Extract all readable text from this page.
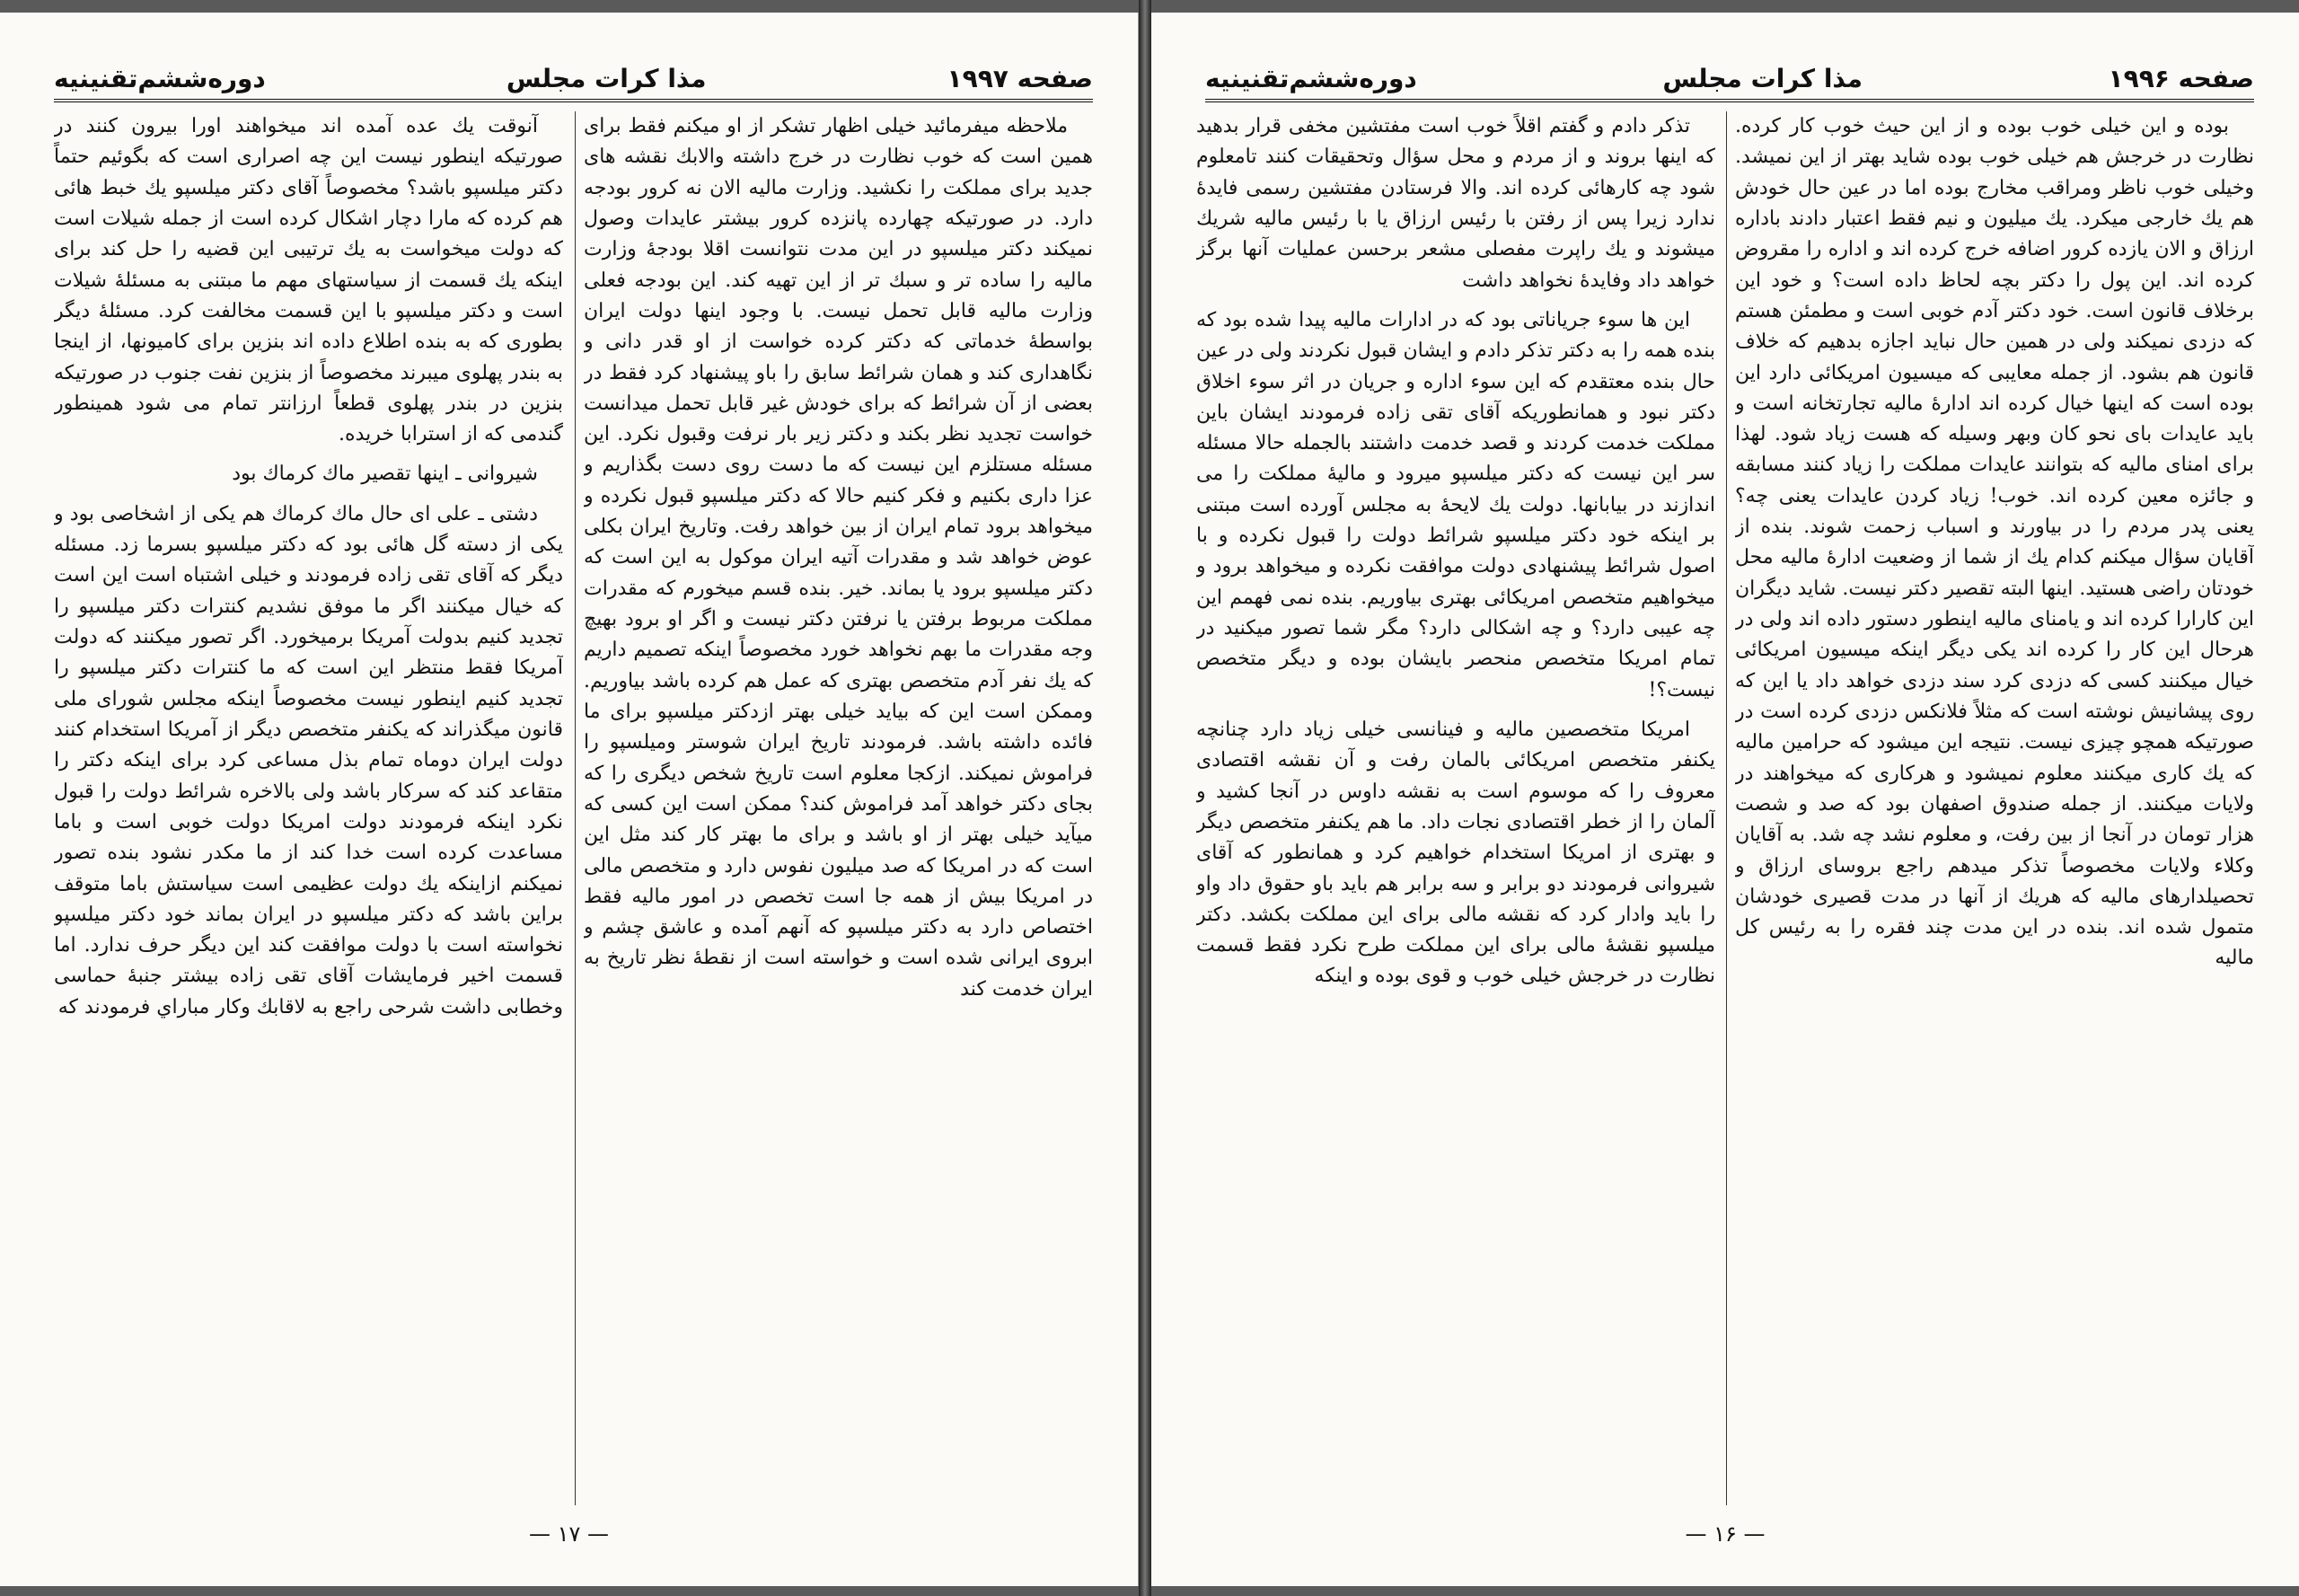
دوره‌ششم‌تقنینیه	مذا کرات مجلس	صفحه ۱۹۹۷

ملاحظه میفرمائید خیلی اظهار تشکر از او میکنم فقط برای همین است که خوب نظارت در خرج داشته والابك نقشه های جدید برای مملکت را نکشید. وزارت مالیه الان نه کرور بودجه دارد. در صورتیکه چهارده پانزده کرور بیشتر عایدات وصول نمیکند دکتر میلسپو در این مدت نتوانست اقلا بودجهٔ وزارت مالیه را ساده تر و سبك تر از این تهیه کند. این بودجه فعلی وزارت مالیه قابل تحمل نیست. با وجود اینها دولت ایران بواسطهٔ خدماتی که دکتر کرده خواست از او قدر دانی و نگاهداری کند و همان شرائط سابق را باو پیشنهاد کرد فقط در بعضی از آن شرائط که برای خودش غیر قابل تحمل میدانست خواست تجدید نظر بکند و دکتر زیر بار نرفت وقبول نکرد. این مسئله مستلزم این نیست که ما دست روی دست بگذاریم و عزا داری بکنیم و فکر کنیم حالا که دکتر میلسپو قبول نکرده و میخواهد برود تمام ایران از بین خواهد رفت. وتاریخ ایران بکلی عوض خواهد شد و مقدرات آتیه ایران موکول به این است که دکتر میلسپو برود یا بماند. خیر. بنده قسم میخورم که مقدرات مملکت مربوط برفتن یا نرفتن دکتر نیست و اگر او برود بهیچ وجه مقدرات ما بهم نخواهد خورد مخصوصاً اینکه تصمیم داریم که یك نفر آدم متخصص بهتری که عمل هم کرده باشد بیاوریم. وممکن است این که بیاید خیلی بهتر ازدکتر میلسپو برای ما فائده داشته باشد. فرمودند تاریخ ایران شوستر ومیلسپو را فراموش نمیکند. ازکجا معلوم است تاریخ شخص دیگری را که بجای دکتر خواهد آمد فراموش کند؟ ممکن است این کسی که میآید خیلی بهتر از او باشد و برای ما بهتر کار کند مثل این است که در امریکا که صد میلیون نفوس دارد و متخصص مالی در امریکا بیش از همه جا است تخصص در امور مالیه فقط اختصاص دارد به دکتر میلسپو که آنهم آمده و عاشق چشم و ابروی ایرانی شده است و خواسته است از نقطهٔ نظر تاریخ به ایران خدمت کند

آنوقت یك عده آمده اند میخواهند اورا بیرون کنند در صورتیکه اینطور نیست این چه اصراری است که بگوئیم حتماً دکتر میلسپو باشد؟ مخصوصاً آقای دکتر میلسپو یك خبط هائی هم کرده که مارا دچار اشکال کرده است از جمله شیلات است که دولت میخواست به یك ترتیبی این قضیه را حل کند برای اینکه یك قسمت از سیاستهای مهم ما مبتنی به مسئلهٔ شیلات است و دکتر میلسپو با این قسمت مخالفت کرد. مسئلهٔ دیگر بطوری که به بنده اطلاع داده اند بنزین برای کامیونها، از اینجا به بندر پهلوی میبرند مخصوصاً از بنزین نفت جنوب در صورتیکه بنزین در بندر پهلوی قطعاً ارزانتر تمام می شود همینطور گندمی که از استرابا خریده.

شیروانی ـ اینها تقصیر ماك کرماك بود

دشتی ـ علی ای حال ماك کرماك هم یکی از اشخاصی بود و یکی از دسته گل هائی بود که دکتر میلسپو بسرما زد. مسئله دیگر که آقای تقی زاده فرمودند و خیلی اشتباه است این است که خیال میکنند اگر ما موفق نشدیم کنترات دکتر میلسپو را تجدید کنیم بدولت آمریکا برمیخورد. اگر تصور میکنند که دولت آمریکا فقط منتظر این است که ما کنترات دکتر میلسپو را تجدید کنیم اینطور نیست مخصوصاً اینکه مجلس شورای ملی قانون میگذراند که یکنفر متخصص دیگر از آمریکا استخدام کنند دولت ایران دوماه تمام بذل مساعی کرد برای اینکه دکتر را متقاعد کند که سرکار باشد ولی بالاخره شرائط دولت را قبول نکرد اینکه فرمودند دولت امریکا دولت خوبی است و باما مساعدت کرده است خدا کند از ما مکدر نشود بنده تصور نمیکنم ازاینکه یك دولت عظیمی است سیاستش باما متوقف براین باشد که دکتر میلسپو در ایران بماند خود دکتر میلسپو نخواسته است با دولت موافقت کند این دیگر حرف ندارد. اما قسمت اخیر فرمایشات آقای تقی زاده بیشتر جنبهٔ حماسی وخطابی داشت شرحی راجع به لاقابك وكار مباراي فرمودند كه

— ۱۷ —
دوره‌ششم‌تقنینیه	مذا کرات مجلس	صفحه ۱۹۹۶

بوده و این خیلی خوب بوده و از این حیث خوب کار کرده. نظارت در خرجش هم خیلی خوب بوده شاید بهتر از این نمیشد. وخیلی خوب ناظر ومراقب مخارج بوده اما در عین حال خودش هم یك خارجی میکرد. یك میلیون و نیم فقط اعتبار دادند باداره ارزاق و الان یازده کرور اضافه خرج کرده اند و اداره را مقروض کرده اند. این پول را دکتر بچه لحاظ داده است؟ و خود این برخلاف قانون است. خود دکتر آدم خوبی است و مطمئن هستم که دزدی نمیکند ولی در همین حال نباید اجازه بدهیم که خلاف قانون هم بشود. از جمله معایبی که میسیون امریکائی دارد این بوده است که اینها خیال کرده اند ادارهٔ مالیه تجارتخانه است و باید عایدات بای نحو کان وبهر وسیله که هست زیاد شود. لهذا برای امنای مالیه که بتوانند عایدات مملکت را زیاد کنند مسابقه و جائزه معین کرده اند. خوب! زیاد کردن عایدات یعنی چه؟ یعنی پدر مردم را در بیاورند و اسباب زحمت شوند. بنده از آقایان سؤال میکنم کدام یك از شما از وضعیت ادارهٔ مالیه محل خودتان راضی هستید. اینها البته تقصیر دکتر نیست. شاید دیگران این کارارا کرده اند و یامنای مالیه اینطور دستور داده اند ولی در هرحال این کار را کرده اند یکی دیگر اینکه میسیون امریکائی خیال میکنند کسی که دزدی کرد سند دزدی خواهد داد یا این که روی پیشانیش نوشته است که مثلاً فلانکس دزدی کرده است در صورتیکه همچو چیزی نیست. نتیجه این میشود که حرامین مالیه که یك کاری میکنند معلوم نمیشود و هرکاری که میخواهند در ولایات میکنند. از جمله صندوق اصفهان بود که صد و شصت هزار تومان در آنجا از بین رفت، و معلوم نشد چه شد. به آقایان وکلاء ولایات مخصوصاً تذکر میدهم راجع بروسای ارزاق و تحصیلدارهای مالیه که هریك از آنها در مدت قصیری خودشان متمول شده اند. بنده در این مدت چند فقره را به رئیس کل مالیه

تذکر دادم و گفتم اقلاً خوب است مفتشین مخفی قرار بدهید که اینها بروند و از مردم و محل سؤال وتحقیقات کنند تامعلوم شود چه کارهائی کرده اند. والا فرستادن مفتشین رسمی فایدهٔ ندارد زیرا پس از رفتن با رئیس ارزاق یا با رئیس مالیه شریك میشوند و یك راپرت مفصلی مشعر برحسن عملیات آنها برگز خواهد داد وفایدهٔ نخواهد داشت

این ها سوء جریاناتی بود که در ادارات مالیه پیدا شده بود که بنده همه را به دکتر تذکر دادم و ایشان قبول نکردند ولی در عین حال بنده معتقدم که این سوء اداره و جریان در اثر سوء اخلاق دکتر نبود و همانطوریکه آقای تقی زاده فرمودند ایشان باین مملکت خدمت کردند و قصد خدمت داشتند بالجمله حالا مسئله سر این نیست که دکتر میلسپو میرود و مالیهٔ مملکت را می اندازند در بیابانها. دولت یك لایحهٔ به مجلس آورده است مبتنی بر اینکه خود دکتر میلسپو شرائط دولت را قبول نکرده و با اصول شرائط پیشنهادی دولت موافقت نکرده و میخواهد برود و میخواهیم متخصص امریکائی بهتری بیاوریم. بنده نمی فهمم این چه عیبی دارد؟ و چه اشکالی دارد؟ مگر شما تصور میکنید در تمام امریکا متخصص منحصر بایشان بوده و دیگر متخصص نیست؟!

امریکا متخصصین مالیه و فینانسی خیلی زیاد دارد چنانچه یکنفر متخصص امریکائی بالمان رفت و آن نقشه اقتصادی معروف را که موسوم است به نقشه داوس در آنجا کشید و آلمان را از خطر اقتصادی نجات داد. ما هم یکنفر متخصص دیگر و بهتری از امریکا استخدام خواهیم کرد و همانطور که آقای شیروانی فرمودند دو برابر و سه برابر هم باید باو حقوق داد واو را باید وادار کرد که نقشه مالی برای این مملکت بکشد. دکتر میلسپو نقشهٔ مالی برای این مملکت طرح نکرد فقط قسمت نظارت در خرجش خیلی خوب و قوی بوده و اینکه

— ۱۶ —
